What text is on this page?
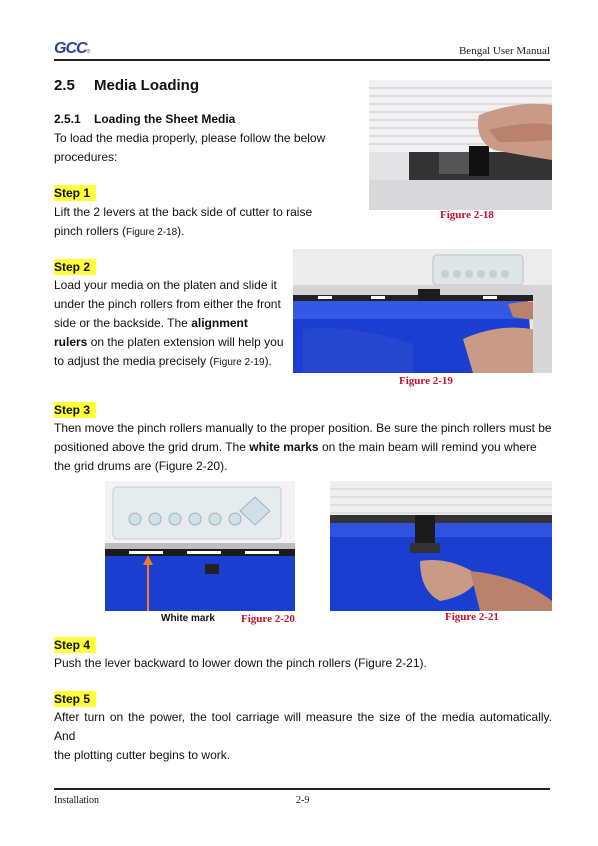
GCC®	Bengal User Manual
2.5 Media Loading
2.5.1 Loading the Sheet Media
To load the media properly, please follow the below
procedures:
Step 1
Lift the 2 levers at the back side of cutter to raise
pinch rollers (Figure 2-18).
Figure 2-18
Step 2
Load your media on the platen and slide it
under the pinch rollers from either the front
side or the backside. The alignment
rulers on the platen extension will help you
to adjust the media precisely (Figure 2-19).
Figure 2-19
Step 3
Then move the pinch rollers manually to the proper position. Be sure the pinch rollers must be
positioned above the grid drum. The white marks on the main beam will remind you where
the grid drums are (Figure 2-20).
White mark Figure 2-20	Figure 2-21
Step 4
Push the lever backward to lower down the pinch rollers (Figure 2-21).
Step 5
After turn on the power, the tool carriage will measure the size of the media automatically. And
the plotting cutter begins to work.
Installation	2-9
